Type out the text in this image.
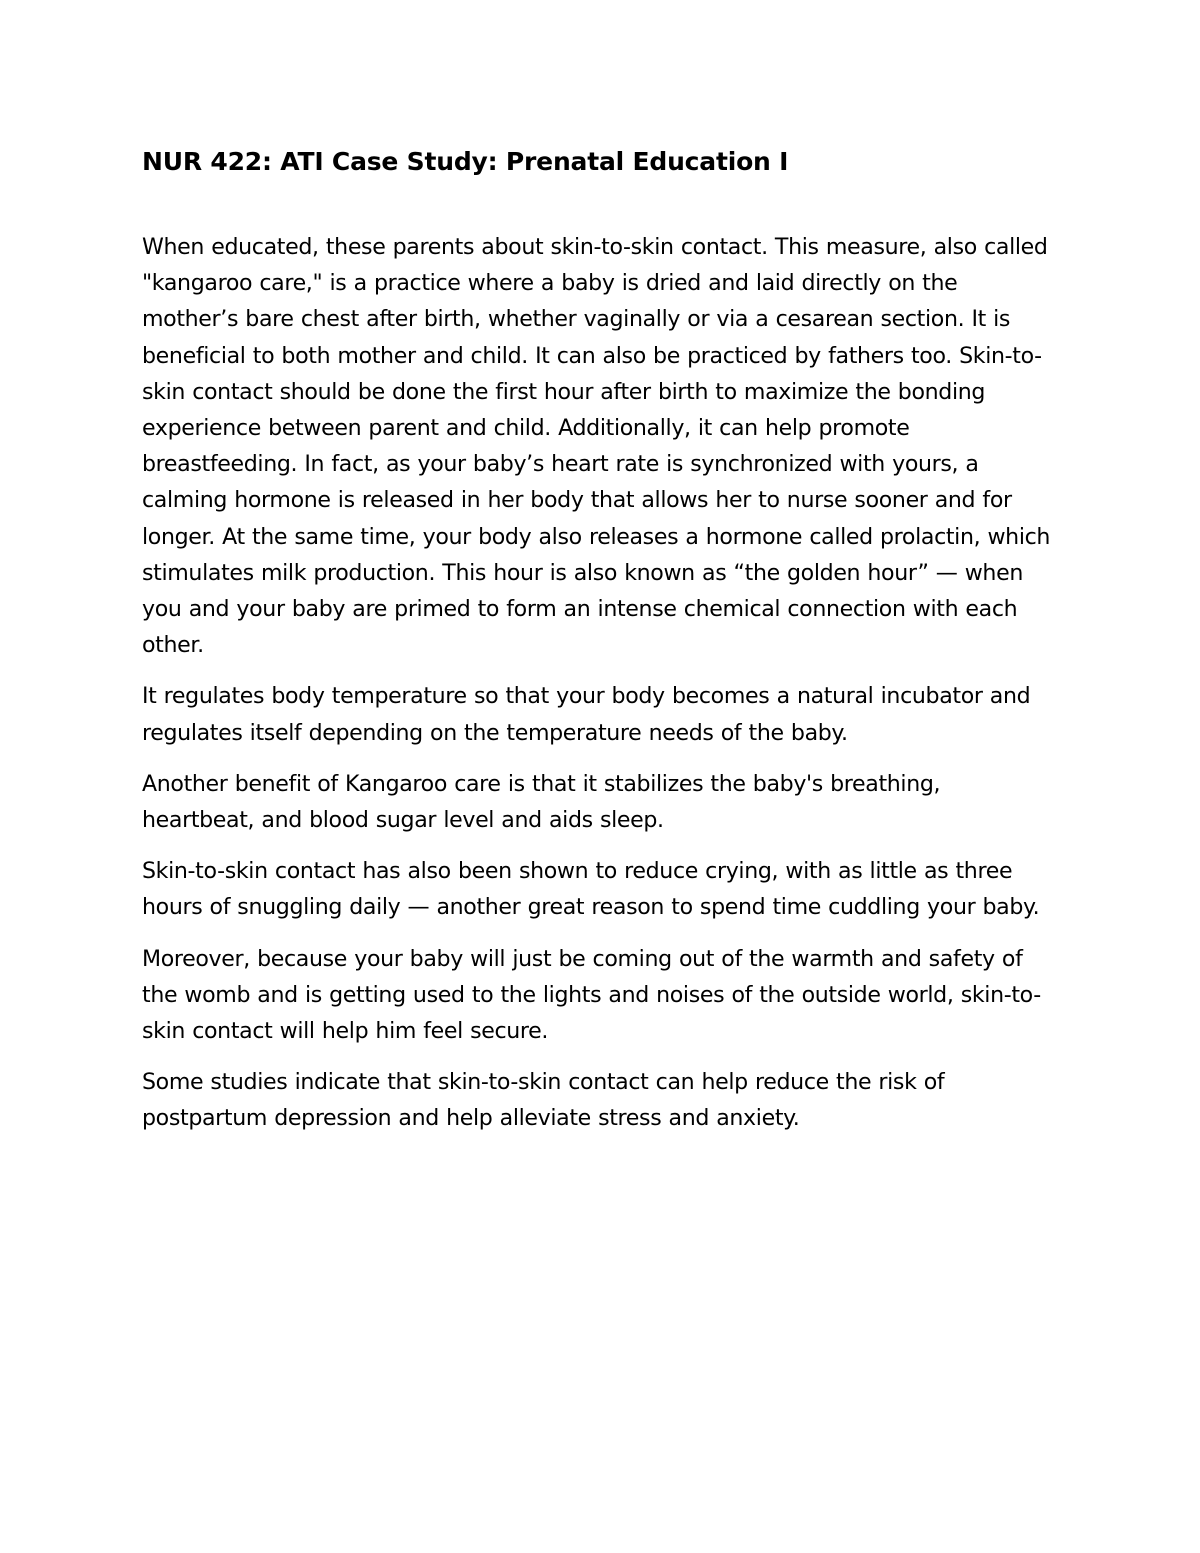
NUR 422: ATI Case Study: Prenatal Education I

When educated, these parents about skin-to-skin contact. This measure, also called "kangaroo care," is a practice where a baby is dried and laid directly on the mother’s bare chest after birth, whether vaginally or via a cesarean section. It is beneficial to both mother and child. It can also be practiced by fathers too. Skin-to-skin contact should be done the first hour after birth to maximize the bonding experience between parent and child. Additionally, it can help promote breastfeeding. In fact, as your baby’s heart rate is synchronized with yours, a calming hormone is released in her body that allows her to nurse sooner and for longer. At the same time, your body also releases a hormone called prolactin, which stimulates milk production. This hour is also known as “the golden hour” — when you and your baby are primed to form an intense chemical connection with each other.

It regulates body temperature so that your body becomes a natural incubator and regulates itself depending on the temperature needs of the baby.

Another benefit of Kangaroo care is that it stabilizes the baby's breathing, heartbeat, and blood sugar level and aids sleep.

Skin-to-skin contact has also been shown to reduce crying, with as little as three hours of snuggling daily — another great reason to spend time cuddling your baby.

Moreover, because your baby will just be coming out of the warmth and safety of the womb and is getting used to the lights and noises of the outside world, skin-to-skin contact will help him feel secure.

Some studies indicate that skin-to-skin contact can help reduce the risk of postpartum depression and help alleviate stress and anxiety.
